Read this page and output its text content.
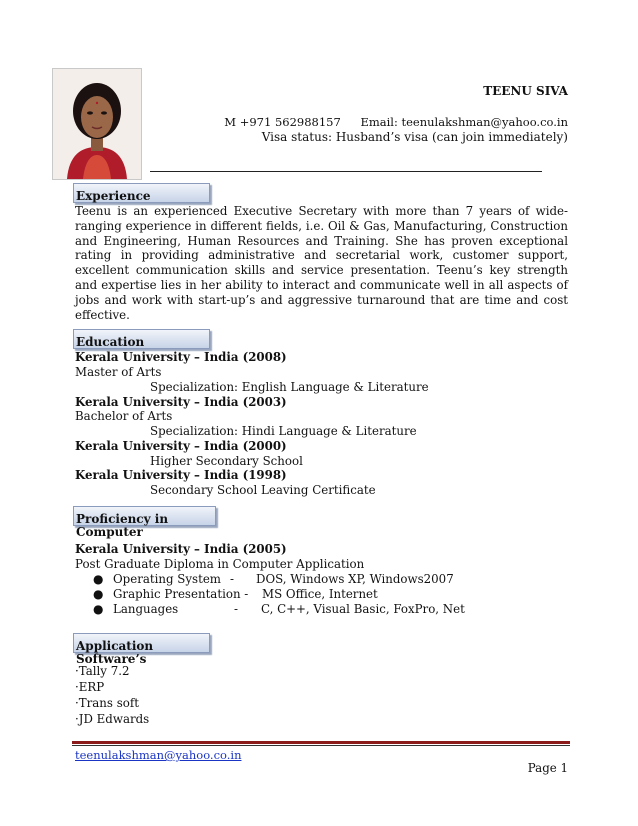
TEENU SIVA
M +971 562988157 Email: teenulakshman@yahoo.co.in
Visa status: Husband’s visa (can join immediately)
Experience
Teenu is an experienced Executive Secretary with more than 7 years of wide-ranging experience in different fields, i.e. Oil & Gas, Manufacturing, Construction and Engineering, Human Resources and Training. She has proven exceptional rating in providing administrative and secretarial work, customer support, excellent communication skills and service presentation. Teenu’s key strength and expertise lies in her ability to interact and communicate well in all aspects of jobs and work with start-up’s and aggressive turnaround that are time and cost effective.
Education
Kerala University – India (2008)
Master of Arts
Specialization: English Language & Literature
Kerala University – India (2003)
Bachelor of Arts
Specialization: Hindi Language & Literature
Kerala University – India (2000)
Higher Secondary School
Kerala University – India (1998)
Secondary School Leaving Certificate
Proficiency in Computer
Kerala University – India (2005)
Post Graduate Diploma in Computer Application
● Operating System - DOS, Windows XP, Windows2007
● Graphic Presentation - MS Office, Internet
● Languages	- C, C++, Visual Basic, FoxPro, Net
Application Software’s
·Tally 7.2
·ERP
·Trans soft
·JD Edwards
teenulakshman@yahoo.co.in
Page 1
